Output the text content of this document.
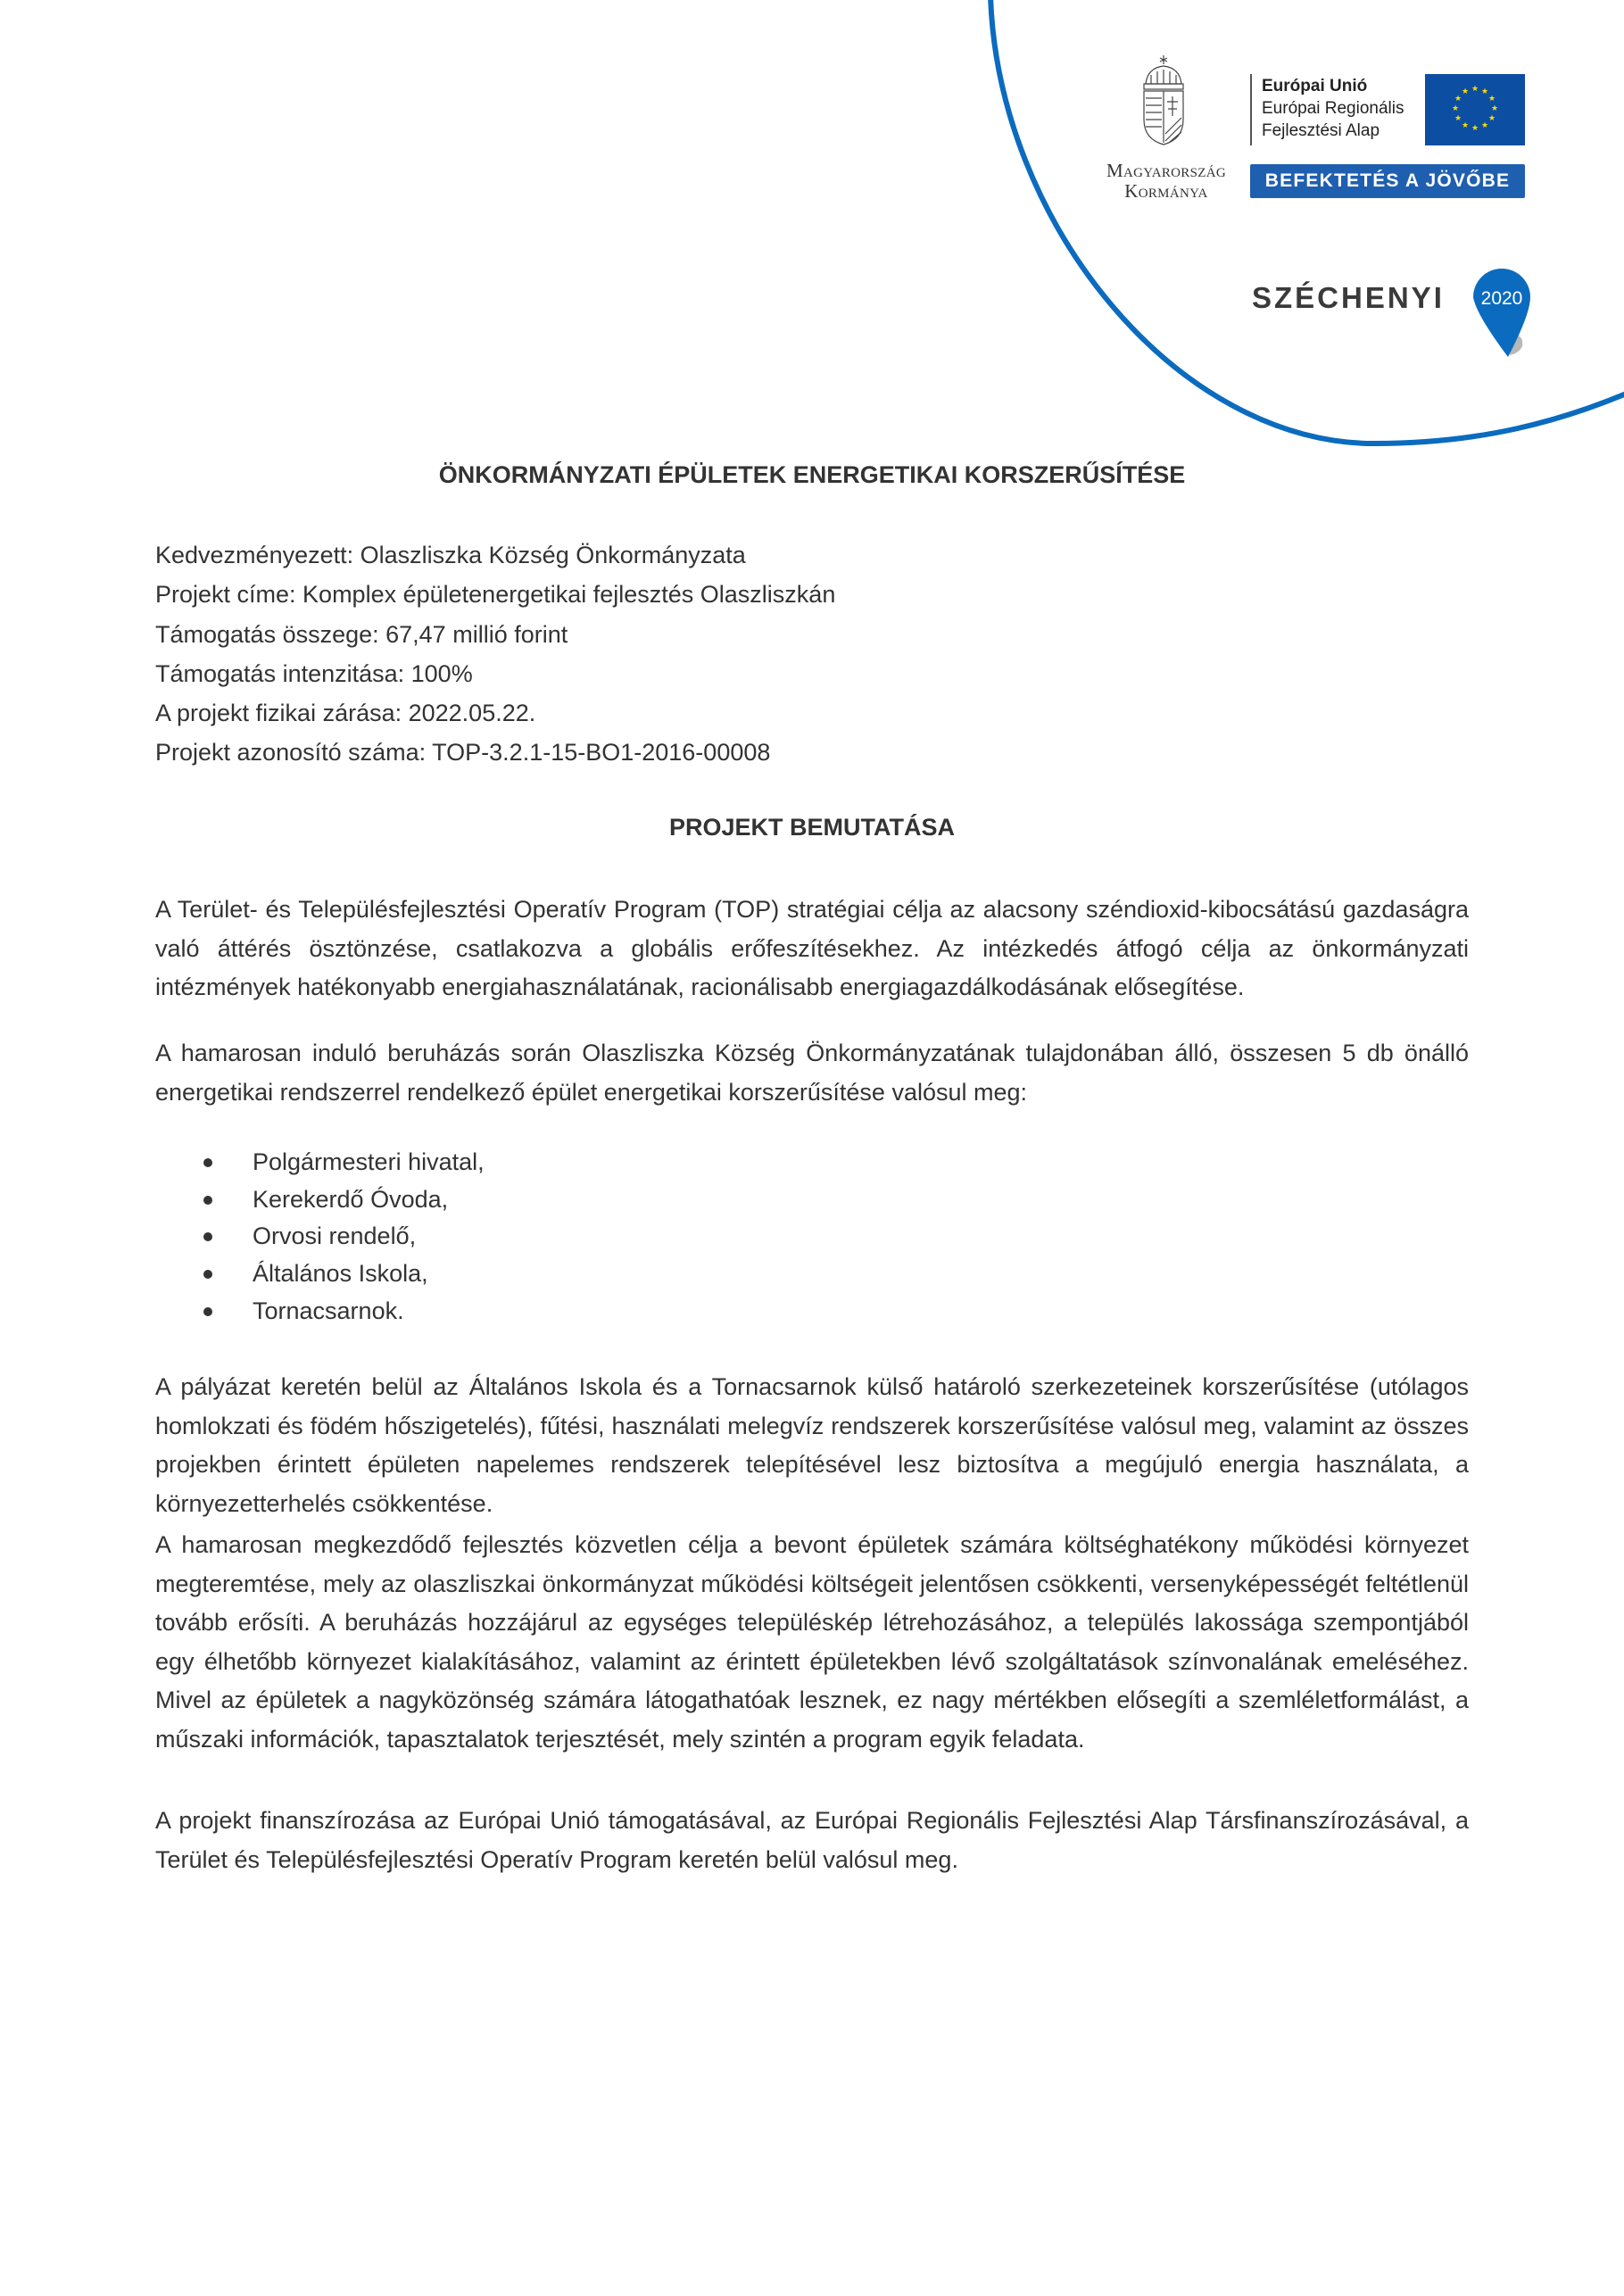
Magyarország
Kormánya
Európai Unió
Európai Regionális
Fejlesztési Alap
★ ★
★
★
★
★
★
★
★
★
★
★
BEFEKTETÉS A JÖVŐBE
SZÉCHENYI 2020
ÖNKORMÁNYZATI ÉPÜLETEK ENERGETIKAI KORSZERŰSÍTÉSE
Kedvezményezett: Olaszliszka Község Önkormányzata
Projekt címe: Komplex épületenergetikai fejlesztés Olaszliszkán
Támogatás összege: 67,47 millió forint
Támogatás intenzitása: 100%
A projekt fizikai zárása: 2022.05.22.
Projekt azonosító száma: TOP-3.2.1-15-BO1-2016-00008
PROJEKT BEMUTATÁSA
A Terület- és Településfejlesztési Operatív Program (TOP) stratégiai célja az alacsony széndioxid-kibocsátású gazdaságra való áttérés ösztönzése, csatlakozva a globális erőfeszítésekhez. Az intézkedés átfogó célja az önkormányzati intézmények hatékonyabb energiahasználatának, racionálisabb energiagazdálkodásának elősegítése.
A hamarosan induló beruházás során Olaszliszka Község Önkormányzatának tulajdonában álló, összesen 5 db önálló energetikai rendszerrel rendelkező épület energetikai korszerűsítése valósul meg:
Polgármesteri hivatal,
Kerekerdő Óvoda,
Orvosi rendelő,
Általános Iskola,
Tornacsarnok.
A pályázat keretén belül az Általános Iskola és a Tornacsarnok külső határoló szerkezeteinek korszerűsítése (utólagos homlokzati és födém hőszigetelés), fűtési, használati melegvíz rendszerek korszerűsítése valósul meg, valamint az összes projekben érintett épületen napelemes rendszerek telepítésével lesz biztosítva a megújuló energia használata, a környezetterhelés csökkentése.
A hamarosan megkezdődő fejlesztés közvetlen célja a bevont épületek számára költséghatékony működési környezet megteremtése, mely az olaszliszkai önkormányzat működési költségeit jelentősen csökkenti, versenyképességét feltétlenül tovább erősíti. A beruházás hozzájárul az egységes településkép létrehozásához, a település lakossága szempontjából egy élhetőbb környezet kialakításához, valamint az érintett épületekben lévő szolgáltatások színvonalának emeléséhez. Mivel az épületek a nagyközönség számára látogathatóak lesznek, ez nagy mértékben elősegíti a szemléletformálást, a műszaki információk, tapasztalatok terjesztését, mely szintén a program egyik feladata.
A projekt finanszírozása az Európai Unió támogatásával, az Európai Regionális Fejlesztési Alap Társfinanszírozásával, a Terület és Településfejlesztési Operatív Program keretén belül valósul meg.
